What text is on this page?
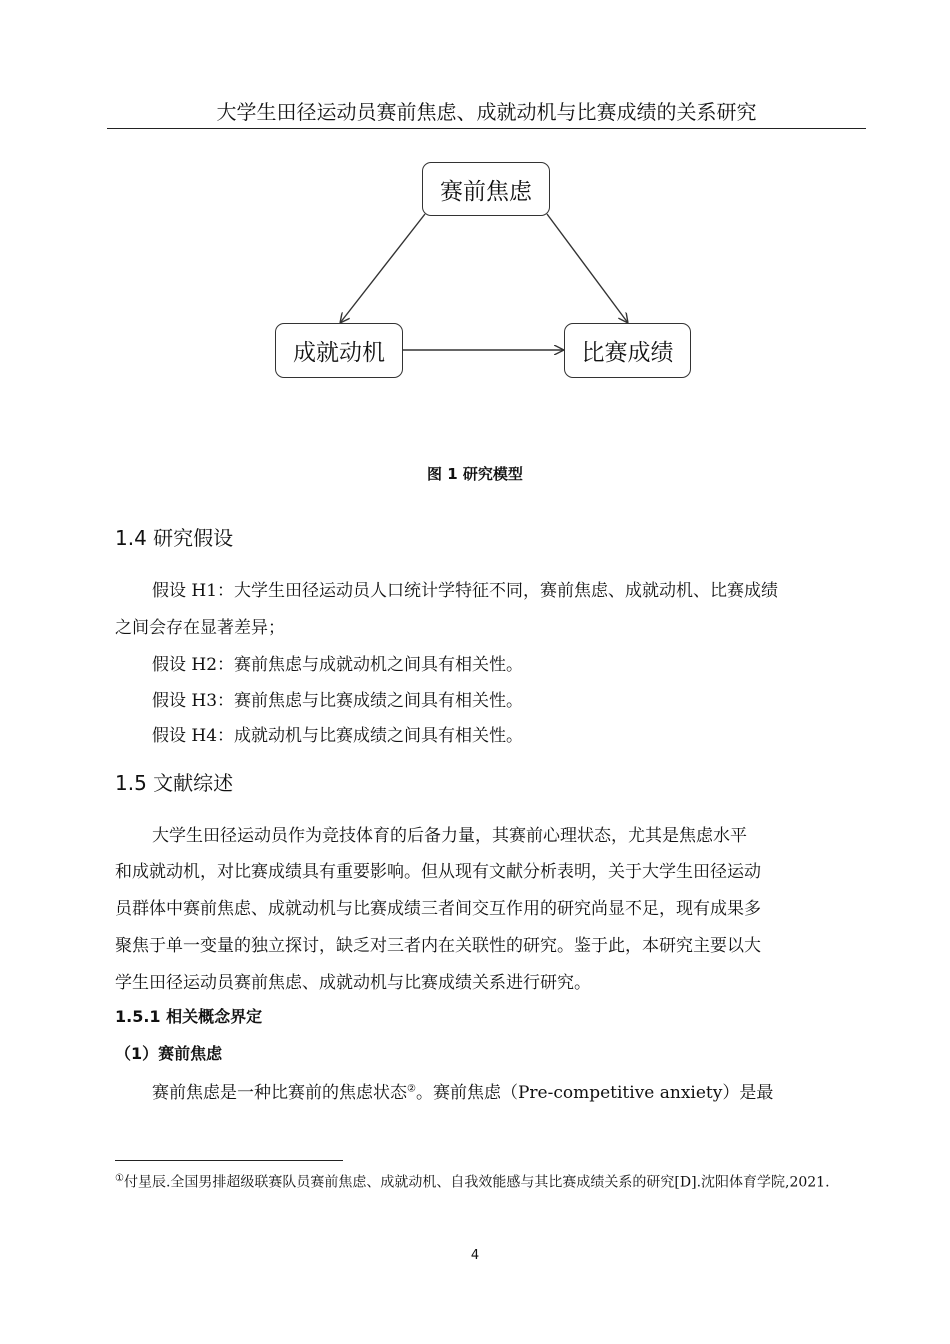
大学生田径运动员赛前焦虑、成就动机与比赛成绩的关系研究
赛前焦虑
成就动机	比赛成绩
图 1 研究模型
1.4 研究假设
假设 H1：大学生田径运动员人口统计学特征不同，赛前焦虑、成就动机、比赛成绩
之间会存在显著差异；
假设 H2：赛前焦虑与成就动机之间具有相关性。
假设 H3：赛前焦虑与比赛成绩之间具有相关性。
假设 H4：成就动机与比赛成绩之间具有相关性。
1.5 文献综述
大学生田径运动员作为竞技体育的后备力量，其赛前心理状态，尤其是焦虑水平
和成就动机，对比赛成绩具有重要影响。但从现有文献分析表明，关于大学生田径运动
员群体中赛前焦虑、成就动机与比赛成绩三者间交互作用的研究尚显不足，现有成果多
聚焦于单一变量的独立探讨，缺乏对三者内在关联性的研究。鉴于此，本研究主要以大
学生田径运动员赛前焦虑、成就动机与比赛成绩关系进行研究。
1.5.1 相关概念界定
（1）赛前焦虑
赛前焦虑是一种比赛前的焦虑状态②。赛前焦虑（Pre-competitive anxiety）是最
①付星辰.全国男排超级联赛队员赛前焦虑、成就动机、自我效能感与其比赛成绩关系的研究[D].沈阳体育学院,2021.
4
